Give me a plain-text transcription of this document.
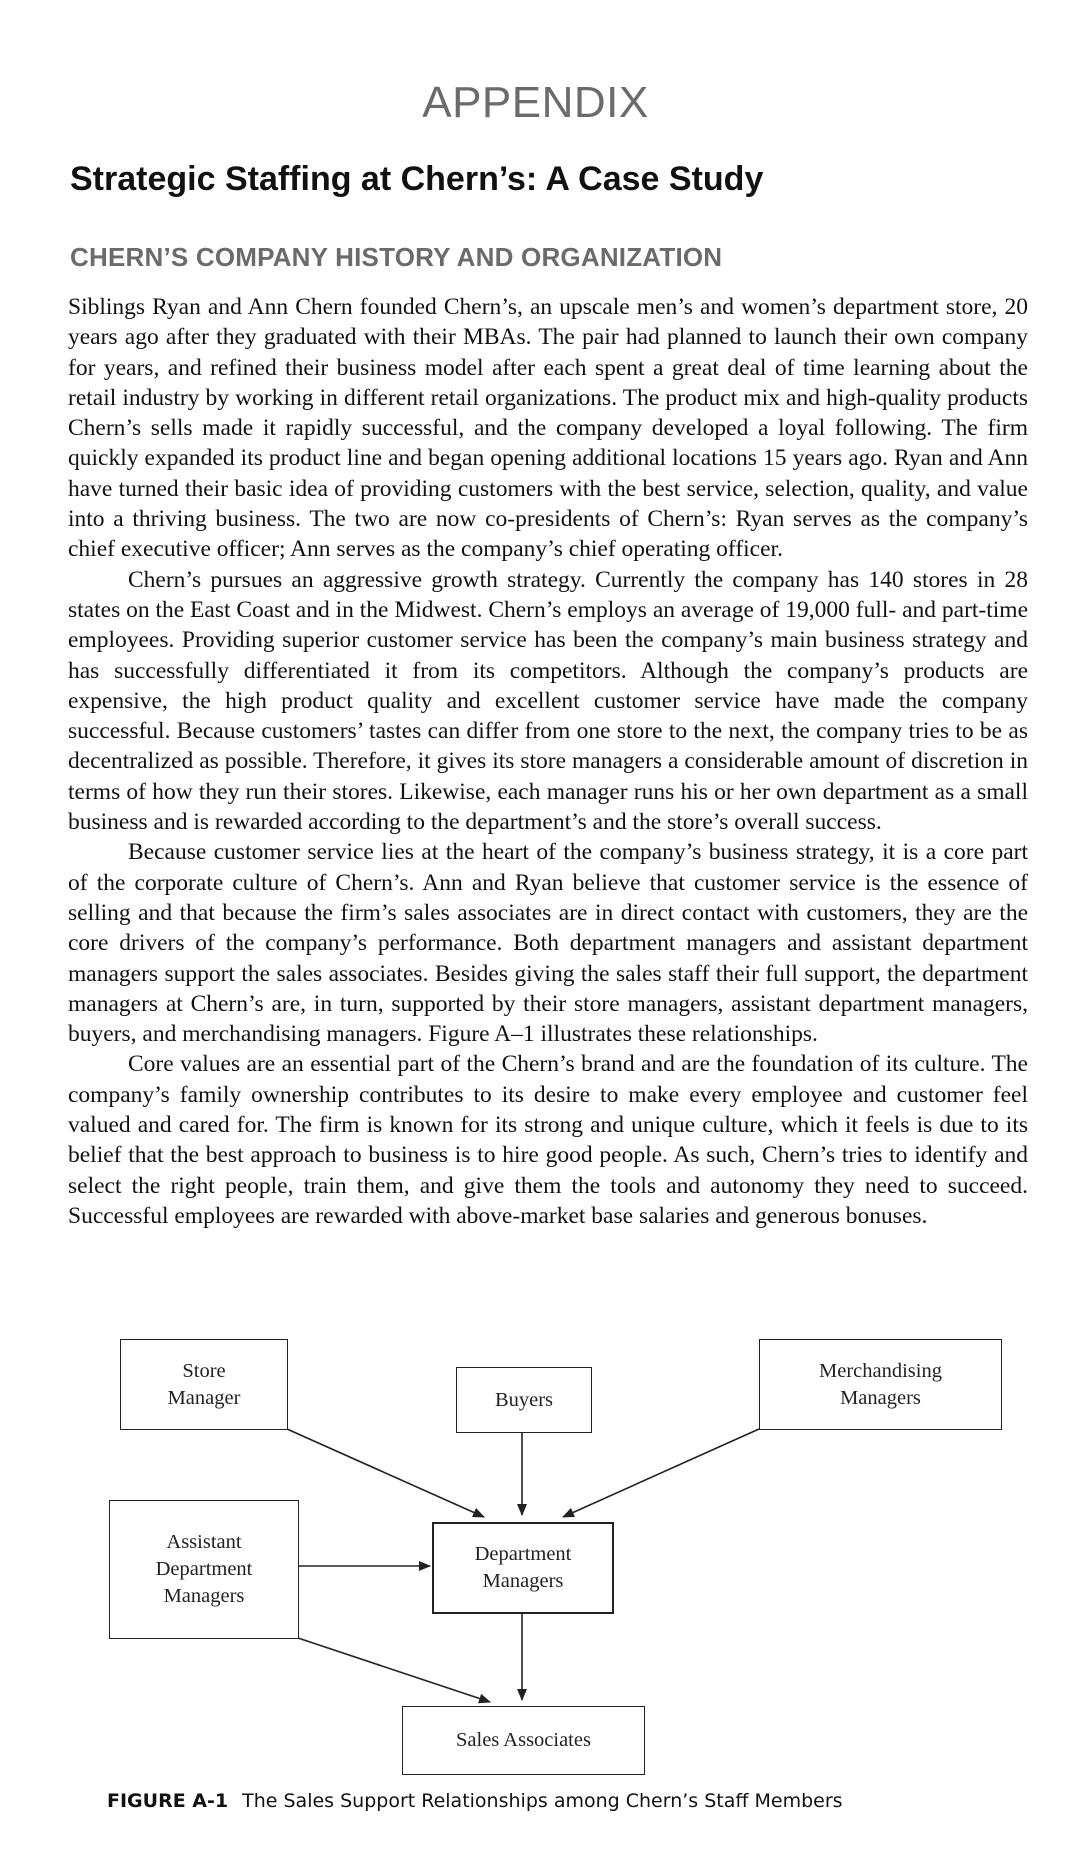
APPENDIX
Strategic Staffing at Chern’s: A Case Study
CHERN’S COMPANY HISTORY AND ORGANIZATION

Siblings Ryan and Ann Chern founded Chern’s, an upscale men’s and women’s department store, 20 years ago after they graduated with their MBAs. The pair had planned to launch their own company for years, and refined their business model after each spent a great deal of time learning about the retail industry by working in different retail organizations. The product mix and high-quality products Chern’s sells made it rapidly successful, and the company developed a loyal following. The firm quickly expanded its product line and began opening additional locations 15 years ago. Ryan and Ann have turned their basic idea of providing customers with the best service, selection, quality, and value into a thriving business. The two are now co-presidents of Chern’s: Ryan serves as the company’s chief executive officer; Ann serves as the company’s chief operating officer.

Chern’s pursues an aggressive growth strategy. Currently the company has 140 stores in 28 states on the East Coast and in the Midwest. Chern’s employs an average of 19,000 full- and part-time employees. Providing superior customer service has been the company’s main business strategy and has successfully differentiated it from its competitors. Although the company’s products are expensive, the high product quality and excellent customer service have made the company successful. Because customers’ tastes can differ from one store to the next, the company tries to be as decentralized as possible. Therefore, it gives its store managers a considerable amount of discretion in terms of how they run their stores. Likewise, each manager runs his or her own department as a small business and is rewarded according to the department’s and the store’s overall success.

Because customer service lies at the heart of the company’s business strategy, it is a core part of the corporate culture of Chern’s. Ann and Ryan believe that customer service is the essence of selling and that because the firm’s sales associates are in direct contact with customers, they are the core drivers of the company’s performance. Both department managers and assistant department managers support the sales associates. Besides giving the sales staff their full support, the department managers at Chern’s are, in turn, supported by their store managers, assistant department managers, buyers, and merchandising managers. Figure A–1 illustrates these relationships.

Core values are an essential part of the Chern’s brand and are the foundation of its culture. The company’s family ownership contributes to its desire to make every employee and customer feel valued and cared for. The firm is known for its strong and unique culture, which it feels is due to its belief that the best approach to business is to hire good people. As such, Chern’s tries to identify and select the right people, train them, and give them the tools and autonomy they need to succeed. Successful employees are rewarded with above-market base salaries and generous bonuses.

Store
Manager	Buyers
Merchandising
Managers
Assistant
Department
Managers
Department
Managers
Sales Associates
FIGURE A-1 The Sales Support Relationships among Chern’s Staff Members
